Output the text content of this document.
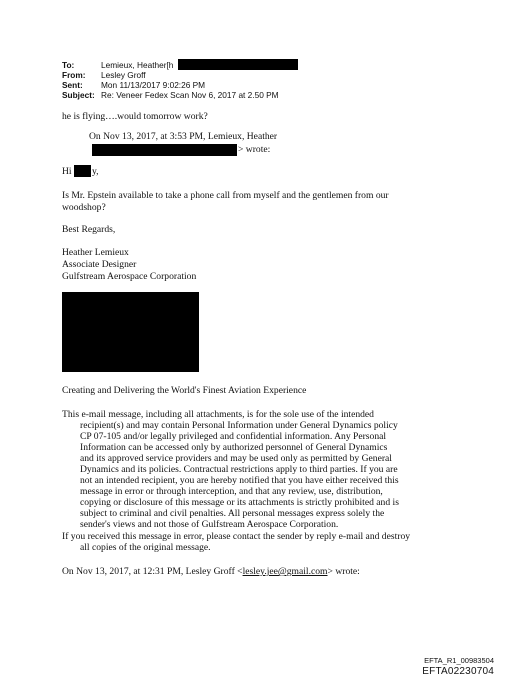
To:	Lemieux, Heather[h
From: Lesley Groff
Sent: Mon 11/13/2017 9:02:26 PM
Subject: Re: Veneer Fedex Scan Nov 6, 2017 at 2.50 PM
he is flying….would tomorrow work?
On Nov 13, 2017, at 3:53 PM, Lemieux, Heather
> wrote:
Hi y,
Is Mr. Epstein available to take a phone call from myself and the gentlemen from our
woodshop?
Best Regards,
Heather Lemieux
Associate Designer
Gulfstream Aerospace Corporation
Creating and Delivering the World's Finest Aviation Experience
This e-mail message, including all attachments, is for the sole use of the intended
recipient(s) and may contain Personal Information under General Dynamics policy
CP 07-105 and/or legally privileged and confidential information. Any Personal
Information can be accessed only by authorized personnel of General Dynamics
and its approved service providers and may be used only as permitted by General
Dynamics and its policies. Contractual restrictions apply to third parties. If you are
not an intended recipient, you are hereby notified that you have either received this
message in error or through interception, and that any review, use, distribution,
copying or disclosure of this message or its attachments is strictly prohibited and is
subject to criminal and civil penalties. All personal messages express solely the
sender's views and not those of Gulfstream Aerospace Corporation.
If you received this message in error, please contact the sender by reply e-mail and destroy
all copies of the original message.
On Nov 13, 2017, at 12:31 PM, Lesley Groff <lesley.jee@gmail.com> wrote:
EFTA_R1_00983504
EFTA02230704
